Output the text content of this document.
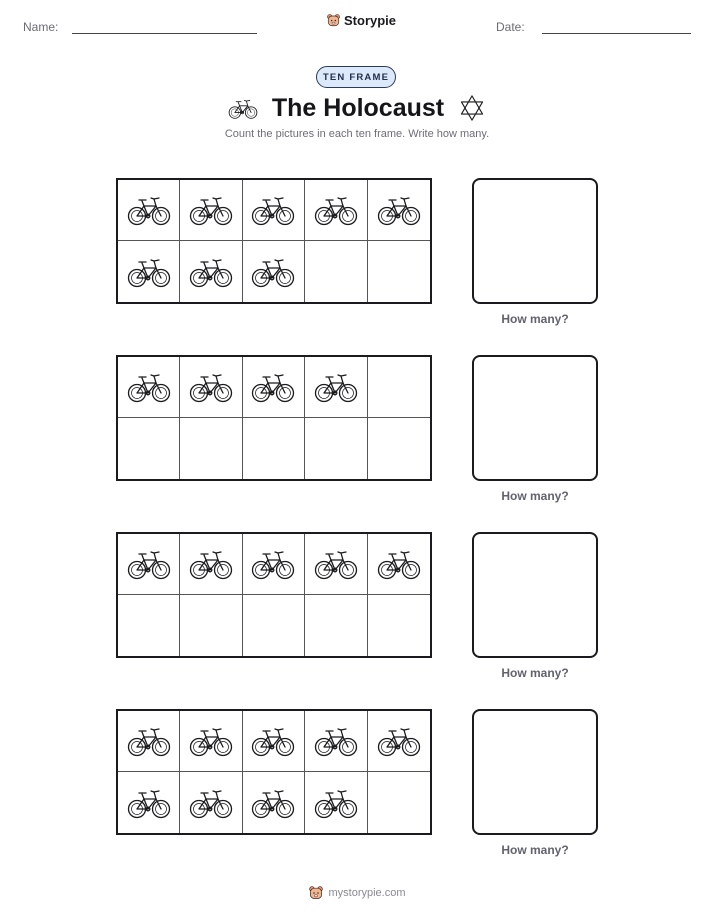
Name:	Storypie	Date:
TEN FRAME
The Holocaust
Count the pictures in each ten frame. Write how many.
How many?
How many?
How many?
How many?
mystorypie.com
